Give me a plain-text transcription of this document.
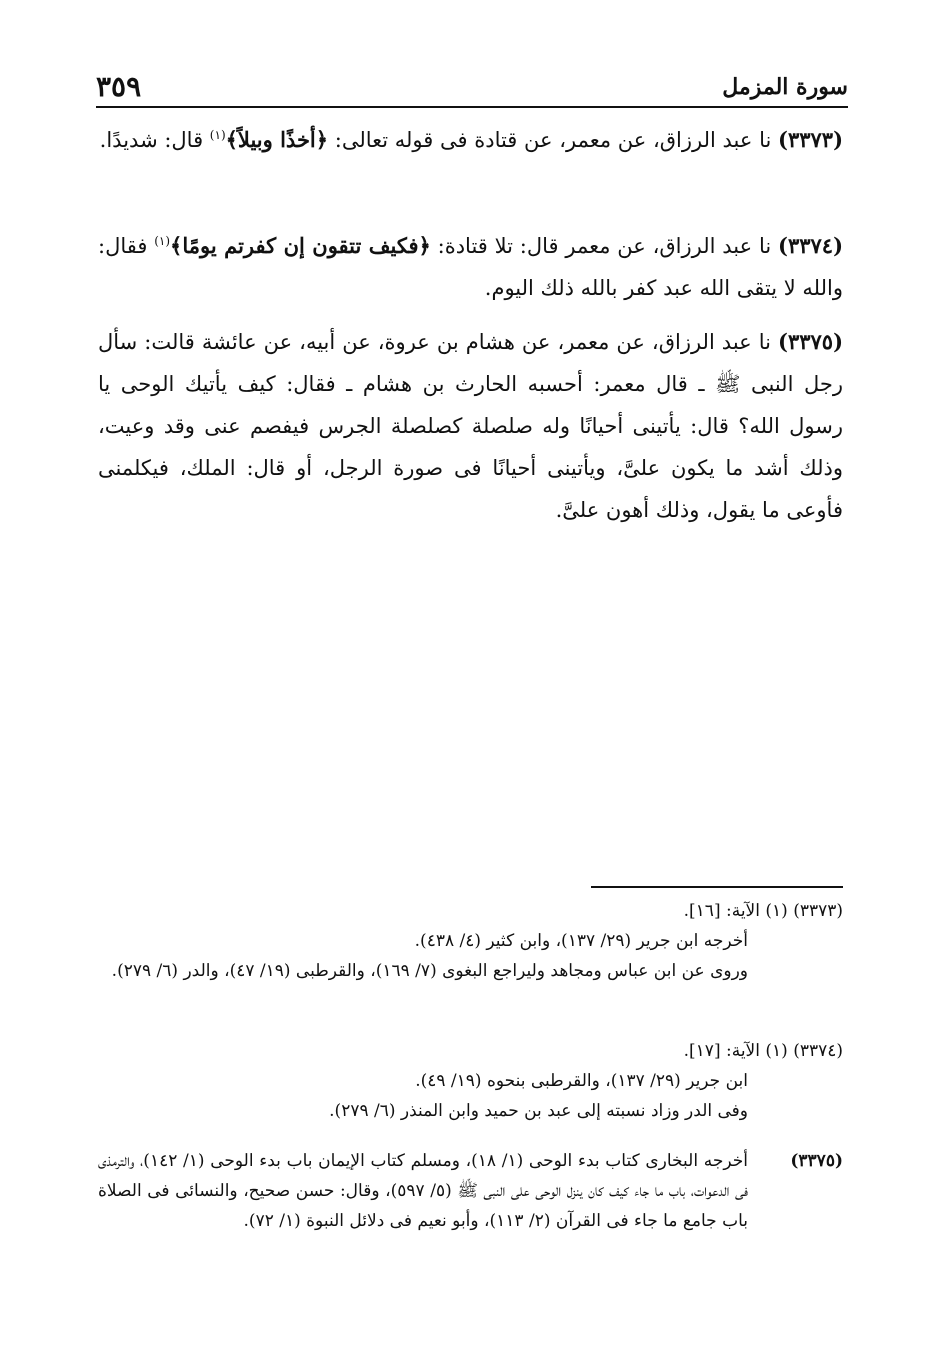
سورة المزمل
٣٥٩
(٣٣٧٣) نا عبد الرزاق، عن معمر، عن قتادة فى قوله تعالى: ﴿أخذًا وبيلاً﴾$^{(١)}$ قال: شديدًا.
(٣٣٧٤) نا عبد الرزاق، عن معمر قال: تلا قتادة: ﴿فكيف تتقون إن كفرتم يومًا﴾$^{(١)}$ فقال: والله لا يتقى الله عبد كفر بالله ذلك اليوم.
(٣٣٧٥) نا عبد الرزاق، عن معمر، عن هشام بن عروة، عن أبيه، عن عائشة قالت: سأل رجل النبى ﷺ ـ قال معمر: أحسبه الحارث بن هشام ـ فقال: كيف يأتيك الوحى يا رسول الله؟ قال: يأتينى أحيانًا وله صلصلة كصلصلة الجرس فيفصم عنى وقد وعيت، وذلك أشد ما يكون علىَّ، ويأتينى أحيانًا فى صورة الرجل، أو قال: الملك، فيكلمنى فأوعى ما يقول، وذلك أهون علىَّ.
(٣٣٧٣) (١) الآية: [١٦].
أخرجه ابن جرير (٢٩/ ١٣٧)، وابن كثير (٤/ ٤٣٨).
وروى عن ابن عباس ومجاهد وليراجع البغوى (٧/ ١٦٩)، والقرطبى (١٩/ ٤٧)، والدر (٦/ ٢٧٩).
(٣٣٧٤) (١) الآية: [١٧].
ابن جرير (٢٩/ ١٣٧)، والقرطبى بنحوه (١٩/ ٤٩).
وفى الدر وزاد نسبته إلى عبد بن حميد وابن المنذر (٦/ ٢٧٩).
(٣٣٧٥)
أخرجه البخارى كتاب بدء الوحى (١/ ١٨)، ومسلم كتاب الإيمان باب بدء الوحى (١/ ١٤٢)، والترمذى فى الدعوات، باب ما جاء كيف كان ينزل الوحى على النبى ﷺ (٥/ ٥٩٧)، وقال: حسن صحيح، والنسائى فى الصلاة باب جامع ما جاء فى القرآن (٢/ ١١٣)، وأبو نعيم فى دلائل النبوة (١/ ٧٢).
